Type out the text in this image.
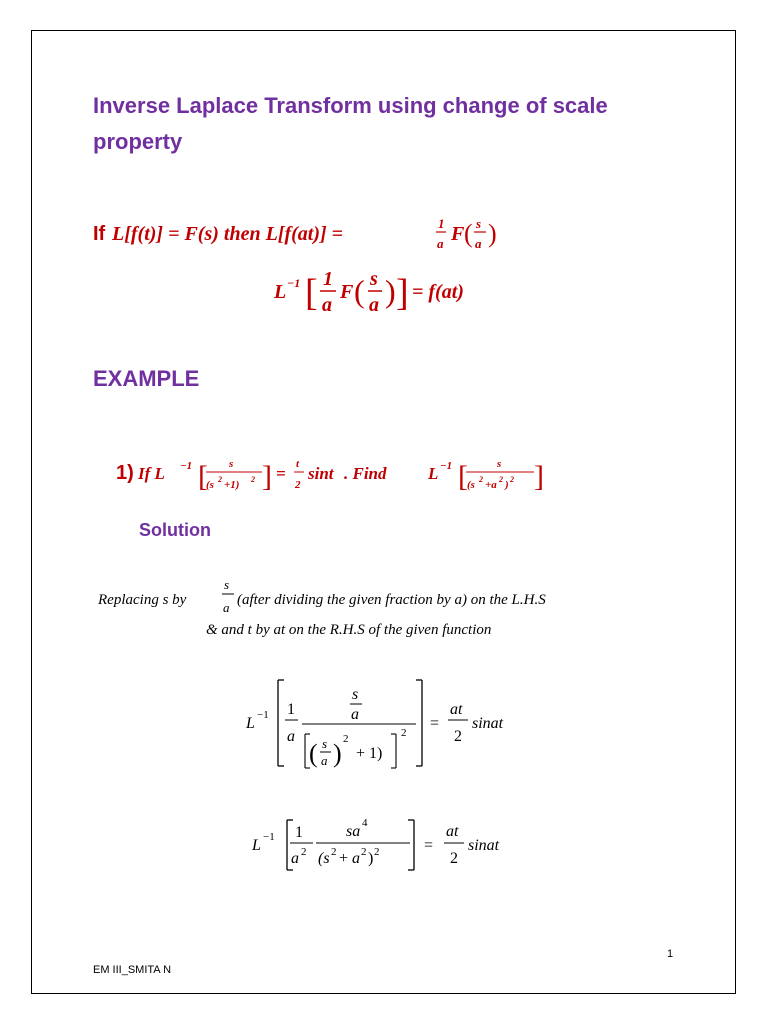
Inverse Laplace Transform using change of scale property
If L[f(t)] = F(s) then L[f(at)] =	1
a F ( s
a )
L −1 [ 1
a
F ( s
a ) ] = f(at)
1) If L −1 [ s
(s 2 +1) 2 ] = t
2
sint . Find L −1 [	s
(s 2 +a 2 ) 2 ]
Replacing s by
s
a (after dividing the given fraction by a) on the L.H.S
& and t by at on the R.H.S of the given function
L −1 1
a
s
a
( s
a ) 2
+ 1)
2
=
at
2
sinat
L −1 1
a 2
sa 4
(s 2 + a 2 ) 2	=
at
2
sinat
EXAMPLE
Solution
1
EM III_SMITA N
